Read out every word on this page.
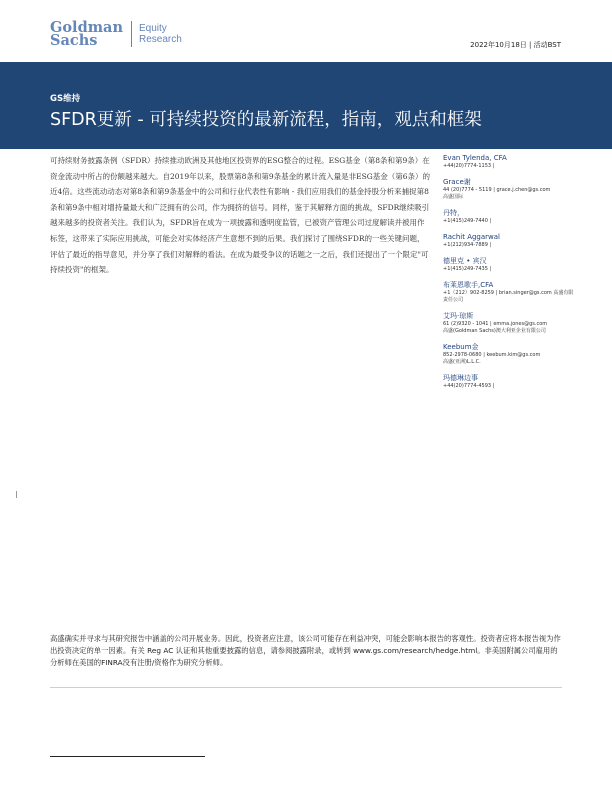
Goldman
Sachs
Equity
Research	2022年10月18日 | 活动BST
GS维持
SFDR更新 - 可持续投资的最新流程，指南，观点和框架
可持续财务披露条例（SFDR）持续推动欧洲及其他地区投资界的ESG整合的过程。ESG基金（第8条和第9条）在资金流动中所占的份额越来越大。自2019年以来，股票第8条和第9条基金的累计流入量是非ESG基金（第6条）的近4倍。这些流动动态对第8条和第9条基金中的公司和行业代表性有影响 - 我们应用我们的基金持股分析来捕捉第8条和第9条中相对增持量最大和广泛拥有的公司，作为拥挤的信号。同样，鉴于其解释方面的挑战，SFDR继续吸引越来越多的投资者关注。我们认为，SFDR旨在成为一项披露和透明度监管，已被资产管理公司过度解读并被用作标签，这带来了实际应用挑战，可能会对实体经济产生意想不到的后果。我们探讨了围绕SFDR的一些关键问题，评估了最近的指导意见，并分享了我们对解释的看法。在成为最受争议的话题之一之后，我们还提出了一个限定"可持续投资"的框架。
Evan Tylenda, CFA
+44(20)7774-1153 |
Grace谢
44 (20)7774 - 5119 | grace.j.chen@gs.com
高盛国际
丹特，
+1(415)249-7440 |
Rachit Aggarwal
+1(212)934-7889 |
德里克 • 宾汉
+1(415)249-7435 |
布莱恩歌手,CFA
+1（212）902-8259 | brian.singer@gs.com 高盛有限责任公司
艾玛·琼斯
61 (2)9320 - 1041 | emma.jones@gs.com
高盛(Goldman Sachs)澳大利亚企业有限公司
Keebum金
852-2978-0680 | keebum.kim@gs.com
高盛(亚洲)L.L.C.
玛德琳边事
+44(20)7774-4593 |
高盛确实并寻求与其研究报告中涵盖的公司开展业务。因此，投资者应注意，该公司可能存在利益冲突，可能会影响本报告的客观性。投资者应将本报告视为作出投资决定的单一因素。有关 Reg AC 认证和其他重要披露的信息，请参阅披露附录，或转到 www.gs.com/research/hedge.html。非美国附属公司雇用的分析师在美国的FINRA没有注册/资格作为研究分析师。
